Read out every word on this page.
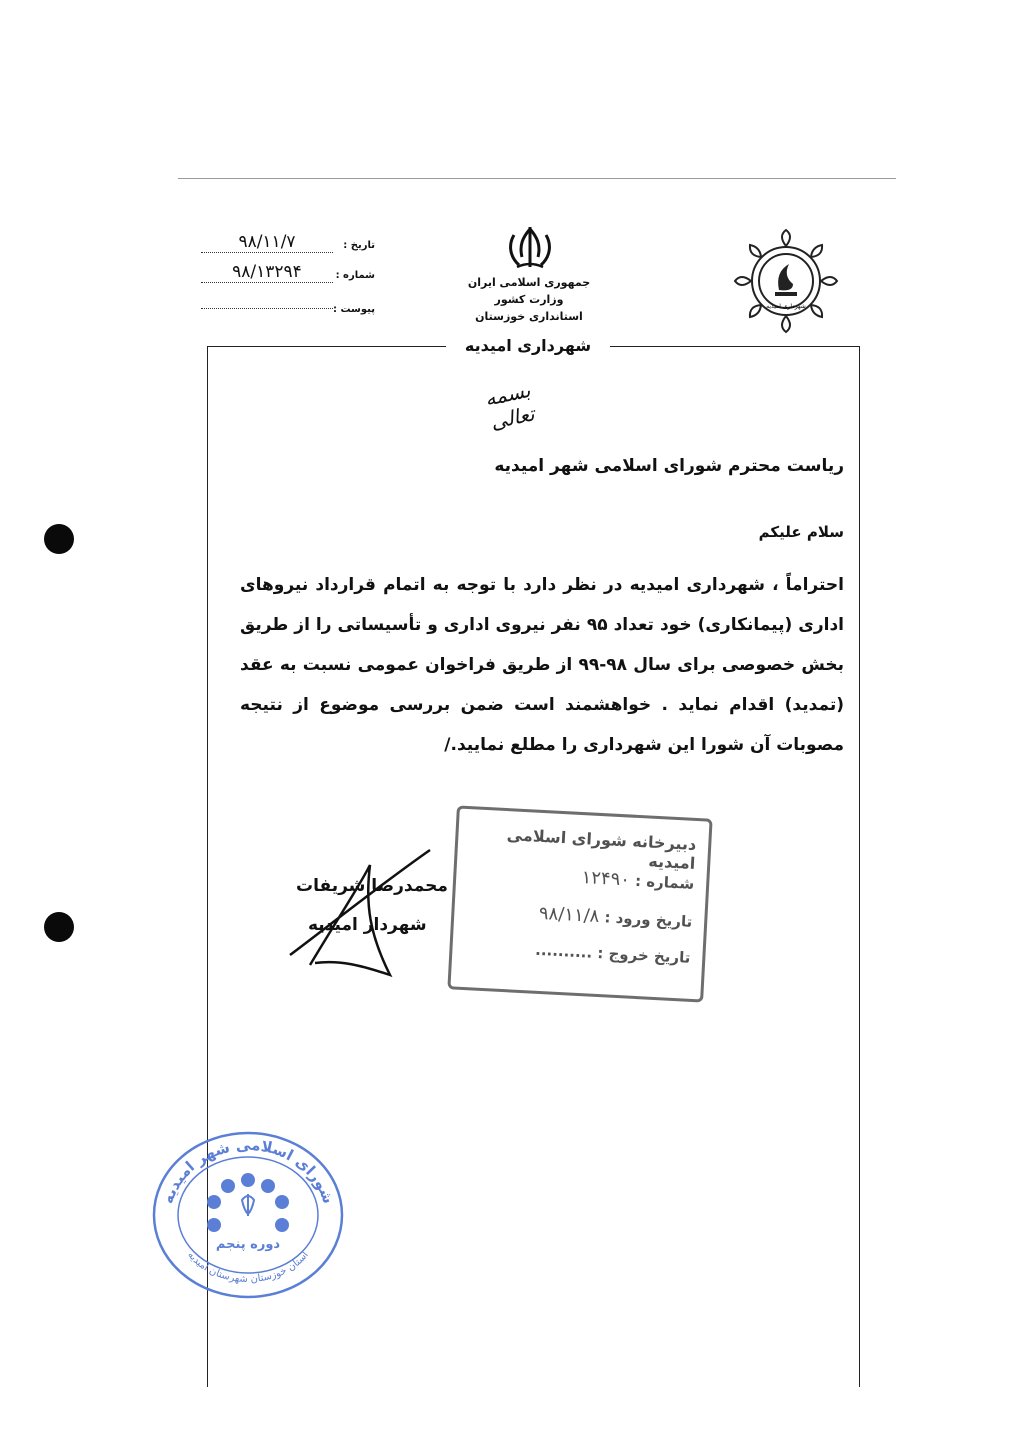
جمهوری اسلامی ایران
وزارت کشور
استانداری خوزستان
شهرداری امیدیه
تاریخ :
۹۸/۱۱/۷
شماره :
۹۸/۱۳۲۹۴
پیوست :
شهرداری امیدیه
بسمه تعالی
ریاست محترم شورای اسلامی شهر امیدیه
سلام علیکم
احتراماً ، شهرداری امیدیه در نظر دارد با توجه به اتمام قرارداد نیروهای اداری (پیمانکاری) خود تعداد ۹۵ نفر نیروی اداری و تأسیساتی را از طریق بخش خصوصی برای سال ۹۸-۹۹ از طریق فراخوان عمومی نسبت به عقد (تمدید) اقدام نماید . خواهشمند است ضمن بررسی موضوع از نتیجه مصوبات آن شورا این شهرداری را مطلع نمایید./
محمدرضا شریفات
شهردار امیدیه
دبیرخانه شورای اسلامی امیدیه
شماره : ۱۲۴۹۰
تاریخ ورود : ۹۸/۱۱/۸
تاریخ خروج : ..........
شورای اسلامی شهر امیدیه
استان خوزستان شهرستان امیدیه
دوره پنجم
